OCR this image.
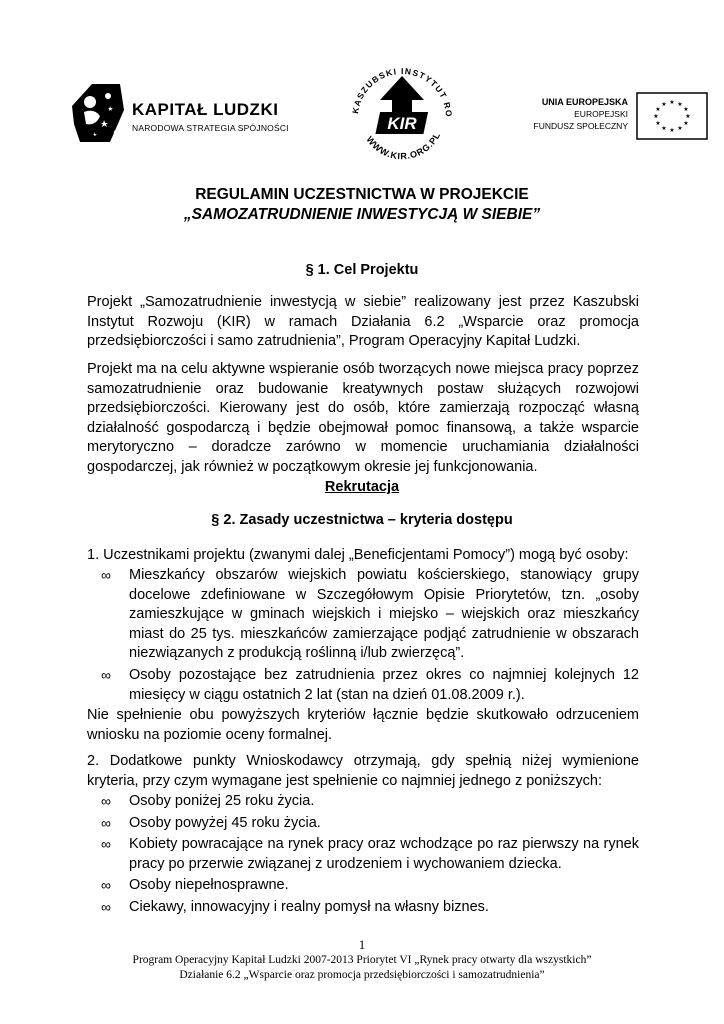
KAPITAŁ LUDZKI
NARODOWA STRATEGIA SPÓJNOŚCI
KASZUBSKI INSTYTUT RO
WWW.KIR.ORG.PL
KIR
UNIA EUROPEJSKA
EUROPEJSKI
FUNDUSZ SPOŁECZNY
★ ★
★
★
★
★
★
★
★
★
★
★
REGULAMIN UCZESTNICTWA W PROJEKCIE
„SAMOZATRUDNIENIE INWESTYCJĄ W SIEBIE”
§ 1. Cel Projektu
Projekt „Samozatrudnienie inwestycją w siebie” realizowany jest przez Kaszubski Instytut Rozwoju (KIR) w ramach Działania 6.2 „Wsparcie oraz promocja przedsiębiorczości i samo zatrudnienia”, Program Operacyjny Kapitał Ludzki.
Projekt ma na celu aktywne wspieranie osób tworzących nowe miejsca pracy poprzez samozatrudnienie oraz budowanie kreatywnych postaw służących rozwojowi przedsiębiorczości. Kierowany jest do osób, które zamierzają rozpocząć własną działalność gospodarczą i będzie obejmował pomoc finansową, a także wsparcie merytoryczno – doradcze zarówno w momencie uruchamiania działalności gospodarczej, jak również w początkowym okresie jej funkcjonowania.
Rekrutacja
§ 2. Zasady uczestnictwa – kryteria dostępu
1. Uczestnikami projektu (zwanymi dalej „Beneficjentami Pomocy”) mogą być osoby:
∞ Mieszkańcy obszarów wiejskich powiatu kościerskiego, stanowiący grupy docelowe zdefiniowane w Szczegółowym Opisie Priorytetów, tzn. „osoby zamieszkujące w gminach wiejskich i miejsko – wiejskich oraz mieszkańcy miast do 25 tys. mieszkańców zamierzające podjąć zatrudnienie w obszarach niezwiązanych z produkcją roślinną i/lub zwierzęcą”.
∞ Osoby pozostające bez zatrudnienia przez okres co najmniej kolejnych 12 miesięcy w ciągu ostatnich 2 lat (stan na dzień 01.08.2009 r.).
Nie spełnienie obu powyższych kryteriów łącznie będzie skutkowało odrzuceniem wniosku na poziomie oceny formalnej.
2. Dodatkowe punkty Wnioskodawcy otrzymają, gdy spełnią niżej wymienione kryteria, przy czym wymagane jest spełnienie co najmniej jednego z poniższych:
∞ Osoby poniżej 25 roku życia.
∞ Osoby powyżej 45 roku życia.
∞ Kobiety powracające na rynek pracy oraz wchodzące po raz pierwszy na rynek pracy po przerwie związanej z urodzeniem i wychowaniem dziecka.
∞ Osoby niepełnosprawne.
∞ Ciekawy, innowacyjny i realny pomysł na własny biznes.
1
Program Operacyjny Kapitał Ludzki 2007-2013 Priorytet VI „Rynek pracy otwarty dla wszystkich”
Działanie 6.2 „Wsparcie oraz promocja przedsiębiorczości i samozatrudnienia”
